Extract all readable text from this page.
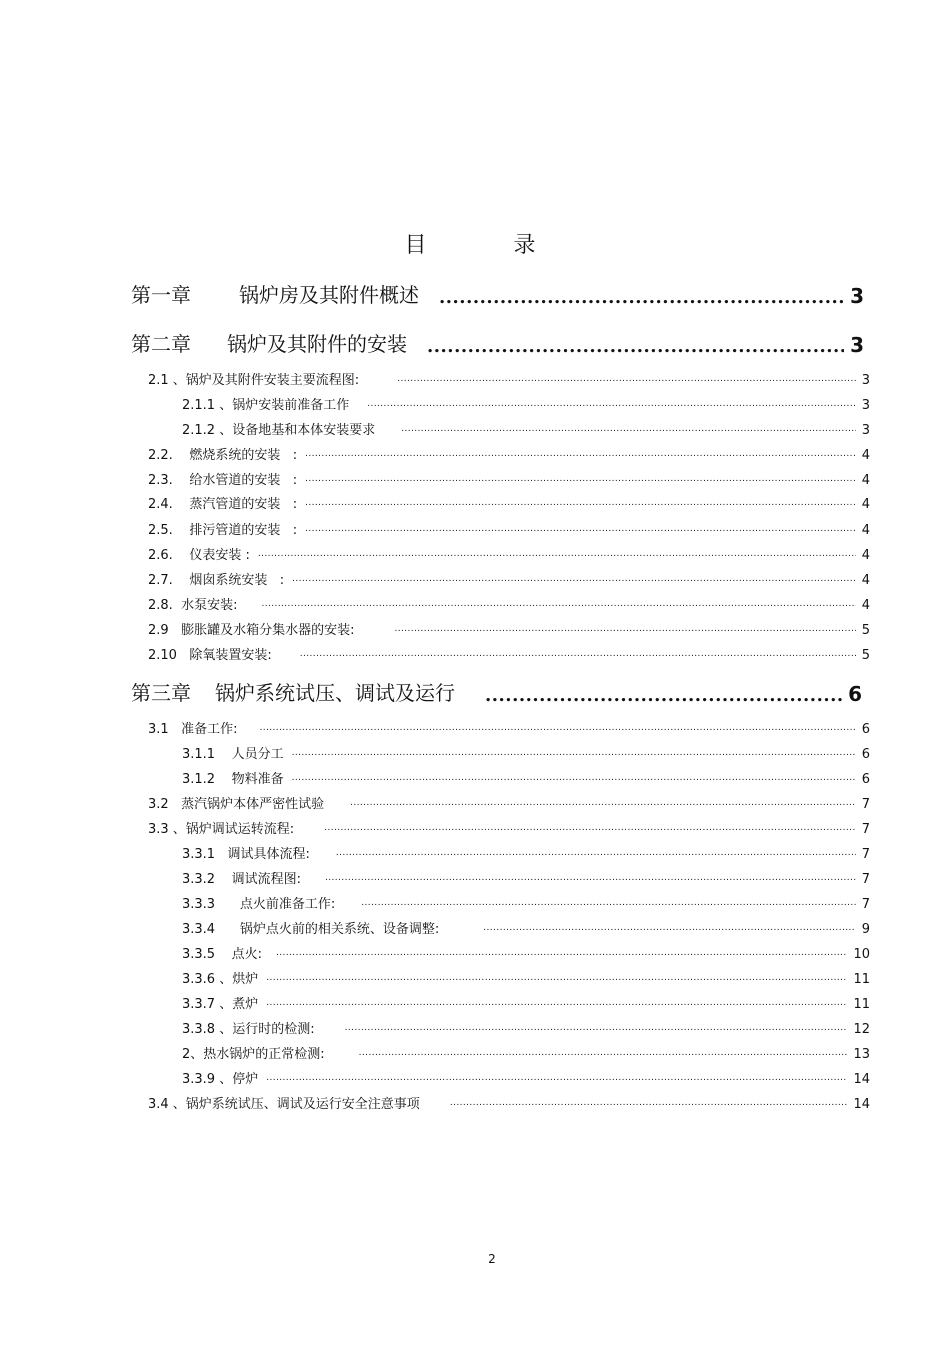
目 录
第一章 锅炉房及其附件概述 .....	3
第二章 锅炉及其附件的安装 .....	3
2.1 、锅炉及其附件安装主要流程图: .....	3
2.1.1 、锅炉安装前准备工作 .....	3
2.1.2 、设备地基和本体安装要求 .....	3
2.2.    燃烧系统的安装   : .....	4
2.3.    给水管道的安装   : .....	4
2.4.    蒸汽管道的安装   : .....	4
2.5.    排污管道的安装   : .....	4
2.6.    仪表安装 : .....	4
2.7.    烟囱系统安装   : .....	4
2.8.  水泵安装: .....	4
2.9   膨胀罐及水箱分集水器的安装: .....	5
2.10   除氧装置安装: .....	5
第三章 锅炉系统试压、调试及运行 .....	6
3.1   准备工作: .....	6
3.1.1    人员分工 .....	6
3.1.2    物料准备 .....	6
3.2   蒸汽锅炉本体严密性试验 .....	7
3.3 、锅炉调试运转流程: .....	7
3.3.1   调试具体流程: .....	7
3.3.2    调试流程图: .....	7
3.3.3      点火前准备工作: .....	7
3.3.4      锅炉点火前的相关系统、设备调整: .....	9
3.3.5    点火: .....	10
3.3.6 、烘炉 .....	11
3.3.7 、煮炉 .....	11
3.3.8 、运行时的检测: .....	12
2、热水锅炉的正常检测: .....	13
3.3.9 、停炉 .....	14
3.4 、锅炉系统试压、调试及运行安全注意事项 .....	14
2
